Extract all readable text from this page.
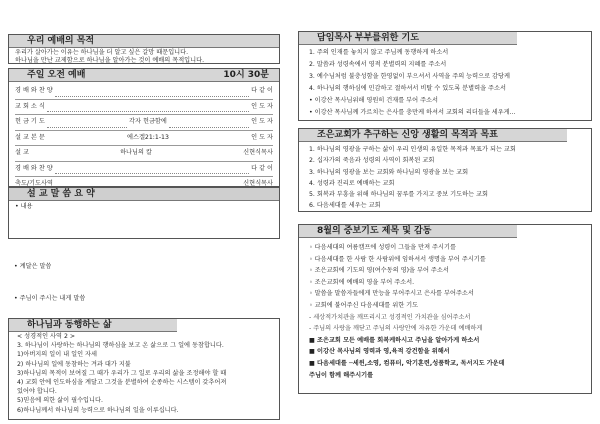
우리 예배의 목적
우리가 살아가는 이유는 하나님을 더 알고 싶은 갈망 때문입니다.
하나님을 만난 교제함으로 하나님을 알아가는 것이 예배의 목적입니다.
주일 오전 예배	10시 30분
경 배 와 찬 양	다 같 이
교 회 소 식	인 도 자
헌 금 기 도	각자 헌금함에	인 도 자
설 교 본 문	에스겔21:1-13	인 도 자
설 교	하나님의 칼	신현식목사
경 배 와 찬 양	다 같 이
축도/기도사역	신현식목사
설 교 말 씀 요 약
• 내용
• 계달은 말씀
• 주님이 주시는 내게 말씀
하나님과 동행하는 삶
< 성경적인 사역 2 >
3. 하나님이 사랑하는 하나님의 행하심을 보고 온 삶으로 그 일에 동참합니다.
1)아버지의 일이 내 일인 자세
2) 하나님의 일에 동참하는 겨과 대가 지불
3)하나님의 목적이 보여질 그 때가 우리가 그 일로 우리의 삶을 조정해야 할 때
4) 교회 안에 인도하심을 계달고 그것을 분별하여 순종하는 시스템이 갖추어져
있어야 합니다.
5)믿음에 의한 삶이 필수입니다.
6)하나님께서 하나님의 능력으로 하나님의 일을 이루십니다.
담임목사 부부를위한 기도
1. 주의 인재를 놓치지 않고 주님께 동행하게 하소서
2. 말씀과 성령속에서 영적 분별력의 지혜를 주소서
3. 예수님처럼 불충성함을 한영없이 부으셔서 사역을 주의 능력으로 감당케
4. 하나님의 행하심에 민감하고 절하셔서 비탈 수 있도록 분별력을 주소서
• 이강산 목사님위해 영원히 건재를 부어 주소서
• 이강산 목사님께 가르치는 은사를 충만케 하셔서 교회의 리더들을 세우게...
조은교회가 추구하는 신앙 생활의 목적과 목표
1. 하나님의 영광을 구하는 삶이 우리 인생의 유일한 목적과 목표가 되는 교회
2. 십자가의 죽음과 성령의 사역이 회복된 교회
3. 하나님의 영광을 보는 교회와 하나님의 영광을 보는 교회
4. 성령과 진리로 예배하는 교회
5. 회복과 부흥을 위해 하나님의 꿈루를 가지고 중보 기도하는 교회
6. 다음세대를 세우는 교회
8월의 중보기도 제목 및 감동
◦ 다음세대의 여름캠프에 성령이 그들을 만져 주시기를
◦ 다음세대를 한 사람 한 사람위에 임하셔서 생명을 부어 주시기를
◦ 조은교회에 기도의 영(여수동의 영)을 부어 주소서
◦ 조은교회에 예배의 영을 부어 주소서.
◦ 말씀을 말씀자들에게 만능을 부어주시고 은사를 부어주소서
◦ 교회에 불어주신 다음세대를 위한 기도
- 세상적가치관을 깨뜨리시고 성경적인 가치관을 심어주소서
- 주님의 사랑을 깨닫고 주님의 사랑안에 자유한 가운데 예배하게
■ 조은교회 모든 예배를 회복케하시고 주님을 알아가게 하소서
■ 이강산 목사님의 영력과 영,육적 강건함을 위해서
■ 다음세대를 ─세윈,소영, 컴퓨터, 악기훈련,성품학교, 독서지도 가운데
주님이 함께 해주시기를
